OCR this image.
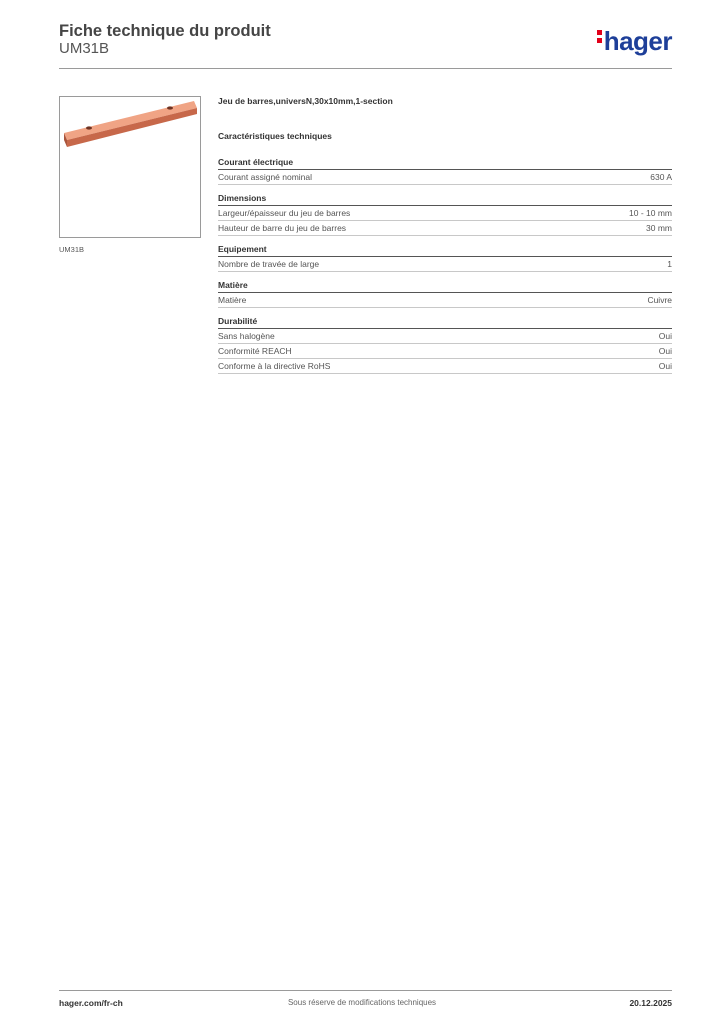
Fiche technique du produit
UM31B	hager
UM31B
Jeu de barres,universN,30x10mm,1-section
Caractéristiques techniques
Courant électrique
Courant assigné nominal	630 A
Dimensions
Largeur/épaisseur du jeu de barres	10 - 10 mm
Hauteur de barre du jeu de barres	30 mm
Equipement
Nombre de travée de large	1
Matière
Matière	Cuivre
Durabilité
Sans halogène	Oui
Conformité REACH	Oui
Conforme à la directive RoHS	Oui
hager.com/fr-ch	Sous réserve de modifications techniques	20.12.2025
